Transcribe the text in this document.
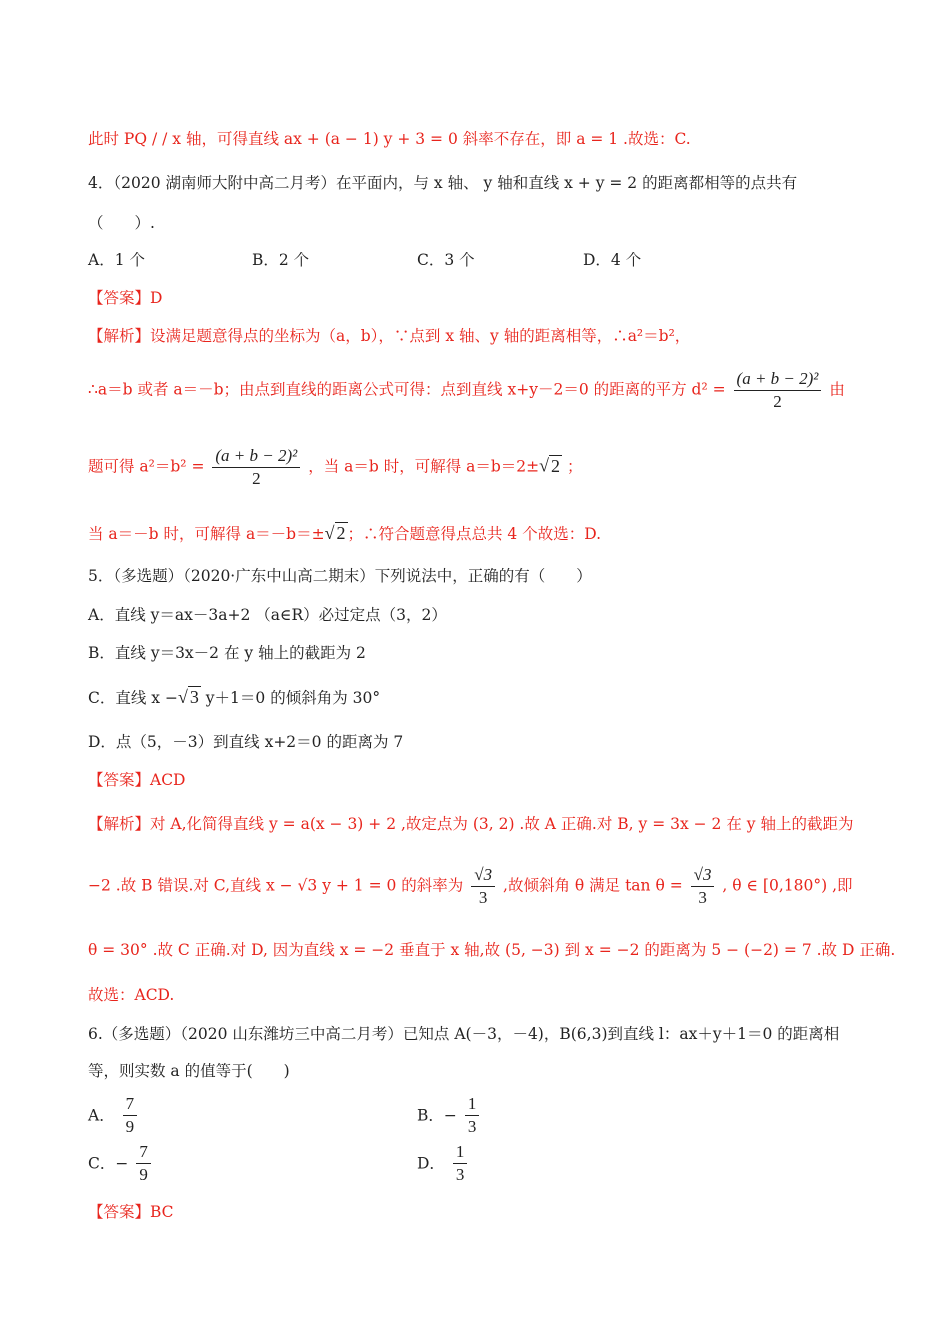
此时 PQ / / x 轴，可得直线 ax + (a − 1) y + 3 = 0 斜率不存在，即 a = 1 .故选：C.
4．（2020 湖南师大附中高二月考）在平面内，与 x 轴、 y 轴和直线 x + y = 2 的距离都相等的点共有
（　　）.
A．1 个	B．2 个	C．3 个	D．4 个
【答案】D
【解析】设满足题意得点的坐标为（a，b），∵点到 x 轴、y 轴的距离相等，∴a²＝b²，
∴a＝b 或者 a＝－b；由点到直线的距离公式可得：点到直线 x+y－2＝0 的距离的平方 $d^2 = \frac{\text{(a + b − 2)²}}{2}$ 由
题可得 $a^2=b^2 = \frac{\text{(a + b − 2)²}}{2}$ ，当 a＝b 时，可解得 a＝b＝2±√ 2 ；
当 a＝－b 时，可解得 a＝－b＝±√ 2 ；∴符合题意得点总共 4 个故选：D.
5．（多选题）（2020·广东中山高二期末）下列说法中，正确的有（　　）
A．直线 y＝ax－3a+2 （a∈R）必过定点（3，2）
B．直线 y＝3x－2 在 y 轴上的截距为 2
C．直线 x −√ 3 y＋1＝0 的倾斜角为 30°
D．点（5，－3）到直线 x+2＝0 的距离为 7
【答案】ACD
【解析】对 A,化简得直线 y = a(x − 3) + 2 ,故定点为 (3, 2) .故 A 正确.对 B, y = 3x − 2 在 y 轴上的截距为
−2 .故 B 错误.对 C,直线 x − √3 y + 1 = 0 的斜率为 $\frac{√3}{3}$ ,故倾斜角 θ 满足 $\tan \theta = \frac{√3}{3}$ , θ ∈ [0,180°) ,即
θ = 30° .故 C 正确.对 D, 因为直线 x = −2 垂直于 x 轴,故 (5, −3) 到 x = −2 的距离为 5 − (−2) = 7 .故 D 正确.
故选：ACD.
6.（多选题）（2020 山东潍坊三中高二月考）已知点 A(－3，－4)，B(6,3)到直线 l：ax＋y＋1＝0 的距离相
等，则实数 a 的值等于(　　)
A． $\frac{7}{9}$	B．− $\frac{1}{3}$
C．− $\frac{7}{9}$	D． $\frac{1}{3}$
【答案】BC
